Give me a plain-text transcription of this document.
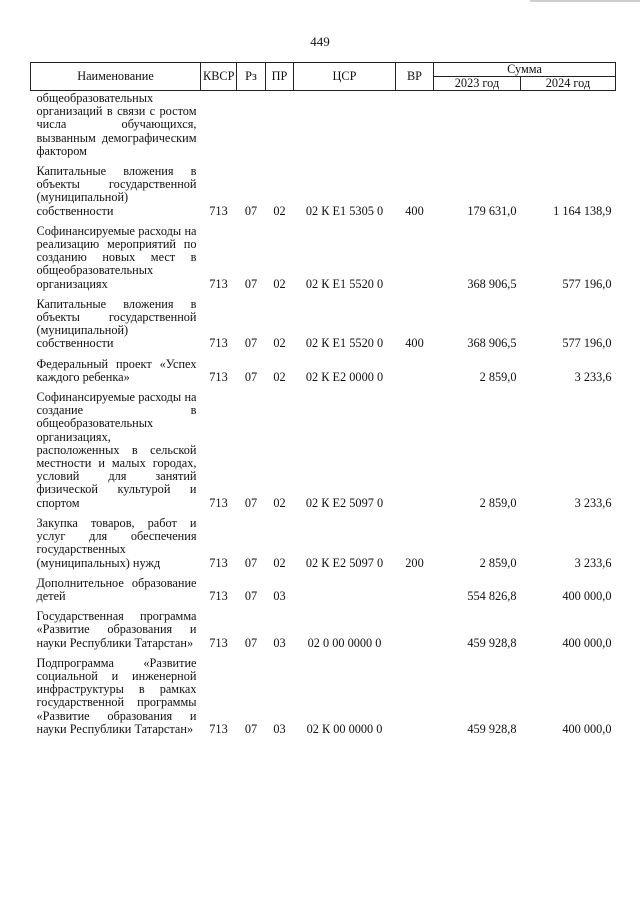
449
Наименование	КВСР	Рз	ПР	ЦСР	ВР	Сумма	
						2023 год	2024 год
общеобразовательных организаций в связи с ростом числа обучающихся, вызванным демографическим фактором							
Капитальные вложения в объекты государственной (муниципальной) собственности	713	07	02	02 К Е1 5305 0	400	179 631,0	1 164 138,9
Софинансируемые расходы на реализацию мероприятий по созданию новых мест в общеобразовательных организациях	713	07	02	02 К Е1 5520 0		368 906,5	577 196,0
Капитальные вложения в объекты государственной (муниципальной) собственности	713	07	02	02 К Е1 5520 0	400	368 906,5	577 196,0
Федеральный проект «Успех каждого ребенка»	713	07	02	02 К Е2 0000 0		2 859,0	3 233,6
Софинансируемые расходы на создание в общеобразовательных организациях, расположенных в сельской местности и малых городах, условий для занятий физической культурой и спортом	713	07	02	02 К Е2 5097 0		2 859,0	3 233,6
Закупка товаров, работ и услуг для обеспечения государственных (муниципальных) нужд	713	07	02	02 К Е2 5097 0	200	2 859,0	3 233,6
Дополнительное образование детей	713	07	03			554 826,8	400 000,0
Государственная программа «Развитие образования и науки Республики Татарстан»	713	07	03	02 0 00 0000 0		459 928,8	400 000,0
Подпрограмма «Развитие социальной и инженерной инфраструктуры в рамках государственной программы «Развитие образования и науки Республики Татарстан»	713	07	03	02 К 00 0000 0		459 928,8	400 000,0
